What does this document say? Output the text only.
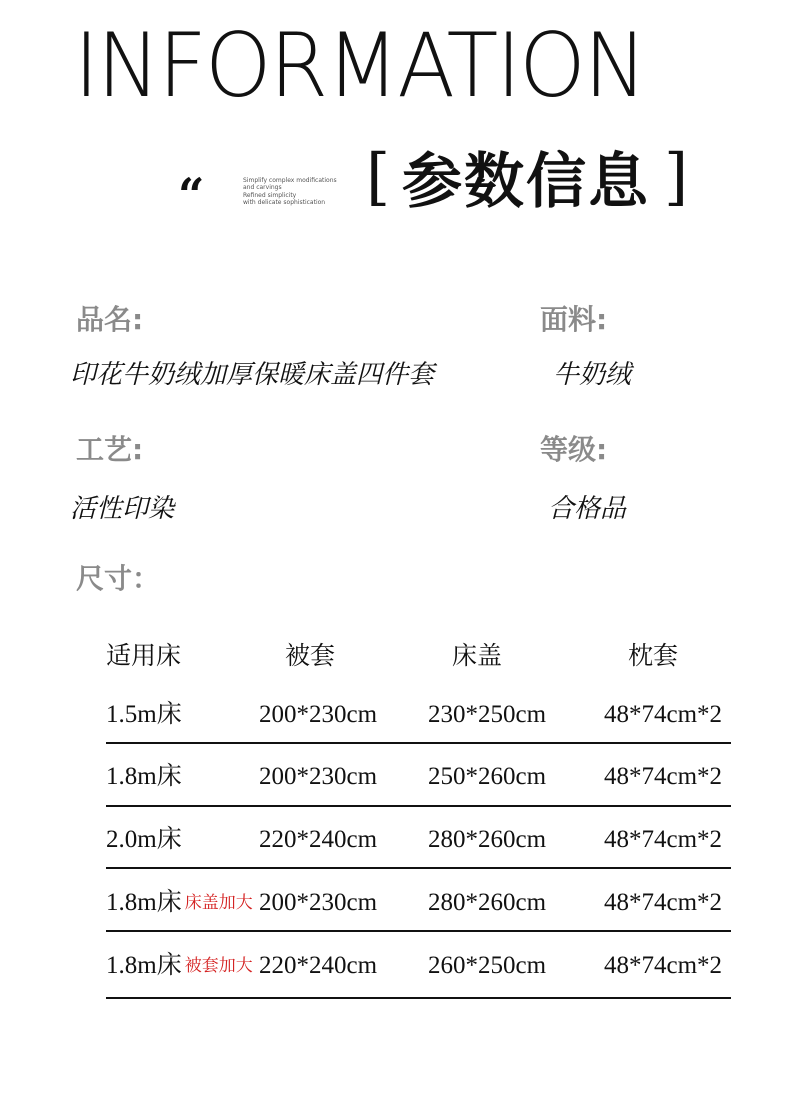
INFORMATION
“	Simplify complex modifications
and carvings
Refined simplicity
with delicate sophistication [ 参数信息 ]
品名:
印花牛奶绒加厚保暖床盖四件套
面料:
牛奶绒
工艺:
活性印染
等级:
合格品
尺寸：
适用床	被套	床盖	枕套
1.5m床	200*230cm 230*250cm 48*74cm*2
1.8m床	200*230cm 250*260cm 48*74cm*2
2.0m床	220*240cm 280*260cm 48*74cm*2
1.8m床 床盖加大 200*230cm 280*260cm 48*74cm*2
1.8m床 被套加大 220*240cm 260*250cm 48*74cm*2
